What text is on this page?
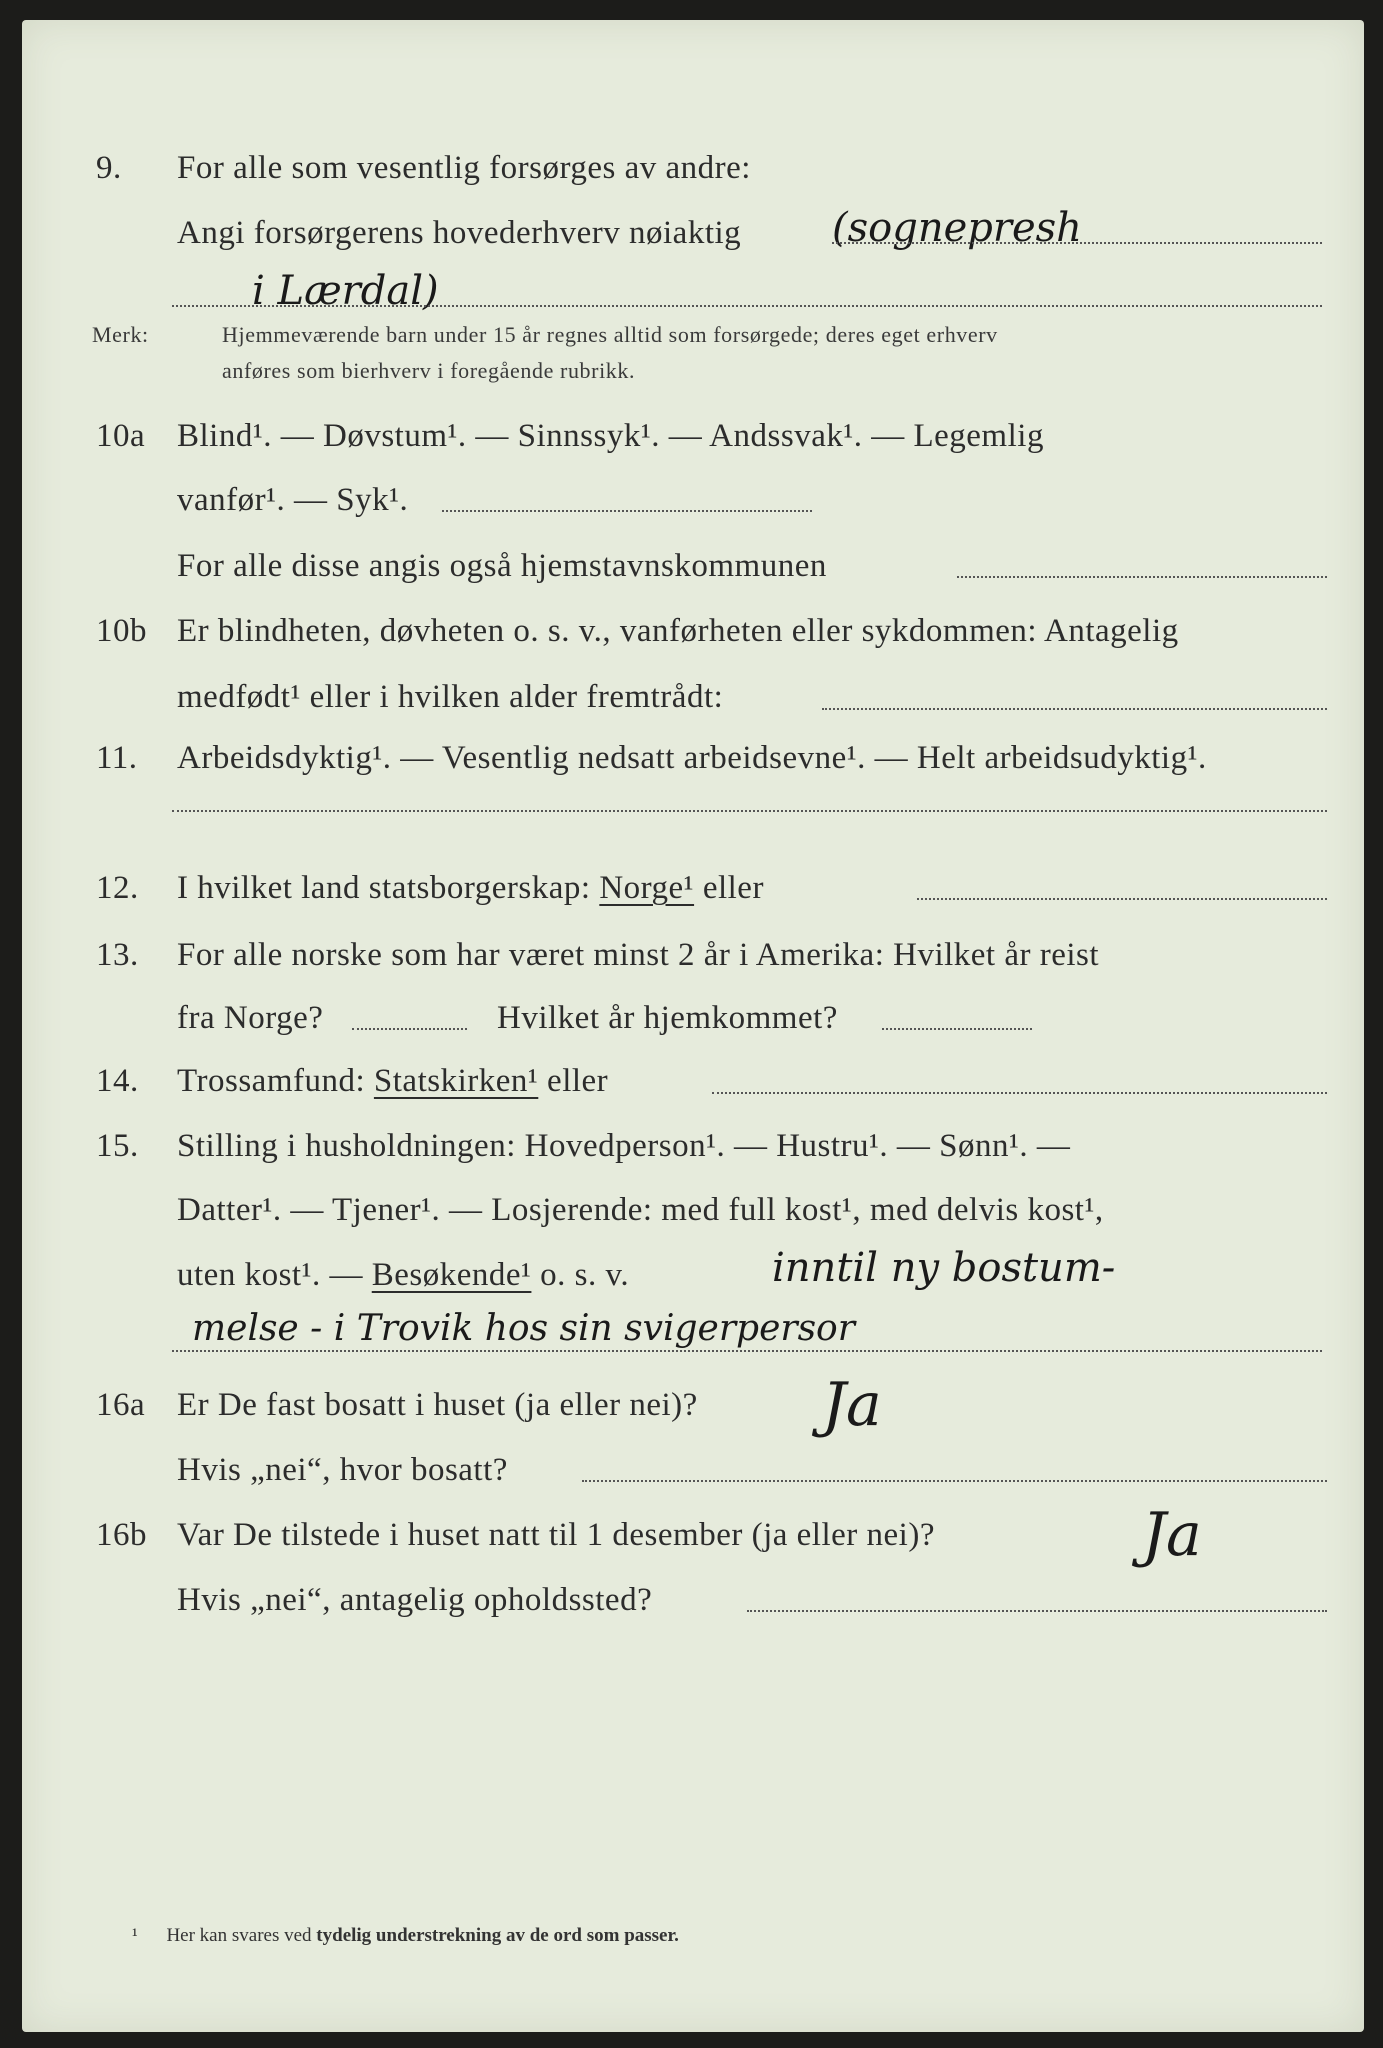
9. For alle som vesentlig forsørges av andre:
Angi forsørgerens hovederhverv nøiaktig (sognepresh
i Lærdal)
Merk:	Hjemmeværende barn under 15 år regnes alltid som forsørgede; deres eget erhverv
anføres som bierhverv i foregående rubrikk.
10a Blind¹. — Døvstum¹. — Sinnssyk¹. — Andssvak¹. — Legemlig
vanfør¹. — Syk¹.
For alle disse angis også hjemstavnskommunen
10b Er blindheten, døvheten o. s. v., vanførheten eller sykdommen: Antagelig
medfødt¹ eller i hvilken alder fremtrådt:
11. Arbeidsdyktig¹. — Vesentlig nedsatt arbeidsevne¹. — Helt arbeidsudyktig¹.
12. I hvilket land statsborgerskap: Norge¹ eller
13. For alle norske som har været minst 2 år i Amerika: Hvilket år reist
fra Norge?	Hvilket år hjemkommet?
14. Trossamfund: Statskirken¹ eller
15. Stilling i husholdningen: Hovedperson¹. — Hustru¹. — Sønn¹. —
Datter¹. — Tjener¹. — Losjerende: med full kost¹, med delvis kost¹,
uten kost¹. — Besøkende¹ o. s. v.	inntil ny bostum-
melse - i Trovik hos sin svigerpersor
16a Er De fast bosatt i huset (ja eller nei)? Ja
Hvis „nei“, hvor bosatt?
16b Var De tilstede i huset natt til 1 desember (ja eller nei)?	Ja
Hvis „nei“, antagelig opholdssted?
¹ Her kan svares ved tydelig understrekning av de ord som passer.
